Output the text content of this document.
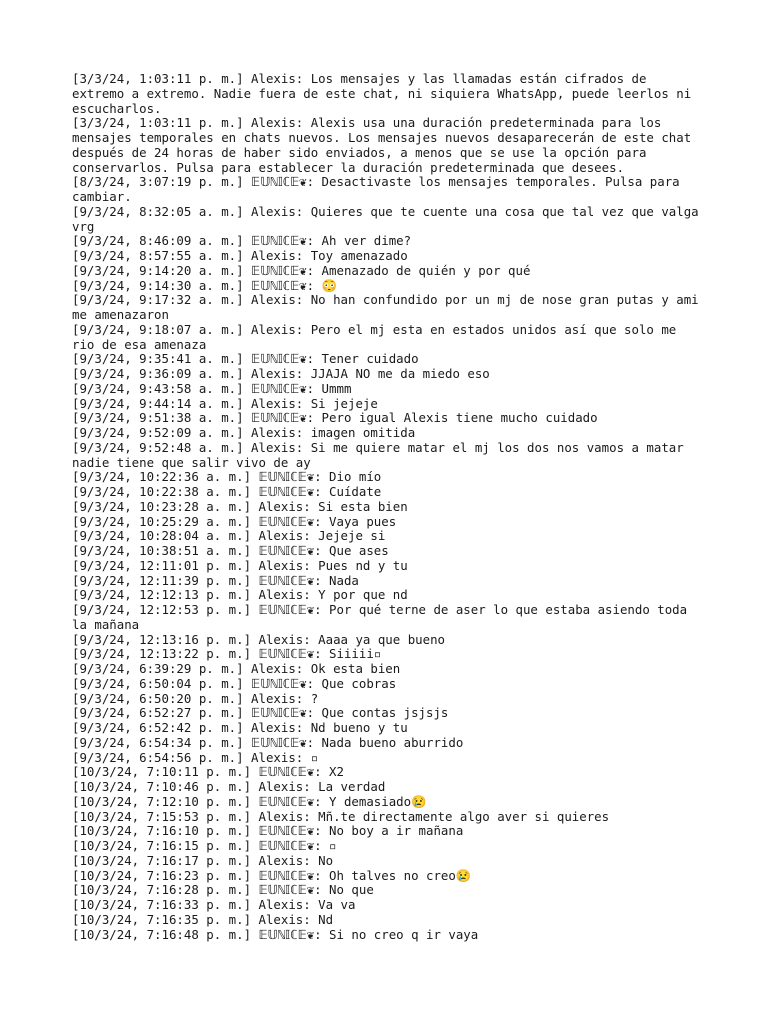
[3/3/24, 1:03:11 p. m.] Alexis: Los mensajes y las llamadas están cifrados de extremo a extremo. Nadie fuera de este chat, ni siquiera WhatsApp, puede leerlos ni escucharlos.
[3/3/24, 1:03:11 p. m.] Alexis: Alexis usa una duración predeterminada para los mensajes temporales en chats nuevos. Los mensajes nuevos desaparecerán de este chat después de 24 horas de haber sido enviados, a menos que se use la opción para conservarlos. Pulsa para establecer la duración predeterminada que desees.
[8/3/24, 3:07:19 p. m.] 𝔼𝕌ℕ𝕀ℂ𝔼❦: Desactivaste los mensajes temporales. Pulsa para cambiar.
[9/3/24, 8:32:05 a. m.] Alexis: Quieres que te cuente una cosa que tal vez que valga vrg
[9/3/24, 8:46:09 a. m.] 𝔼𝕌ℕ𝕀ℂ𝔼❦: Ah ver dime?
[9/3/24, 8:57:55 a. m.] Alexis: Toy amenazado
[9/3/24, 9:14:20 a. m.] 𝔼𝕌ℕ𝕀ℂ𝔼❦: Amenazado de quién y por qué
[9/3/24, 9:14:30 a. m.] 𝔼𝕌ℕ𝕀ℂ𝔼❦: 😳
[9/3/24, 9:17:32 a. m.] Alexis: No han confundido por un mj de nose gran putas y ami me amenazaron
[9/3/24, 9:18:07 a. m.] Alexis: Pero el mj esta en estados unidos así que solo me rio de esa amenaza
[9/3/24, 9:35:41 a. m.] 𝔼𝕌ℕ𝕀ℂ𝔼❦: Tener cuidado
[9/3/24, 9:36:09 a. m.] Alexis: JJAJA NO me da miedo eso
[9/3/24, 9:43:58 a. m.] 𝔼𝕌ℕ𝕀ℂ𝔼❦: Ummm
[9/3/24, 9:44:14 a. m.] Alexis: Si jejeje
[9/3/24, 9:51:38 a. m.] 𝔼𝕌ℕ𝕀ℂ𝔼❦: Pero igual Alexis tiene mucho cuidado
[9/3/24, 9:52:09 a. m.] Alexis: imagen omitida
[9/3/24, 9:52:48 a. m.] Alexis: Si me quiere matar el mj los dos nos vamos a matar nadie tiene que salir vivo de ay
[9/3/24, 10:22:36 a. m.] 𝔼𝕌ℕ𝕀ℂ𝔼❦: Dio mío
[9/3/24, 10:22:38 a. m.] 𝔼𝕌ℕ𝕀ℂ𝔼❦: Cuídate
[9/3/24, 10:23:28 a. m.] Alexis: Si esta bien
[9/3/24, 10:25:29 a. m.] 𝔼𝕌ℕ𝕀ℂ𝔼❦: Vaya pues
[9/3/24, 10:28:04 a. m.] Alexis: Jejeje si
[9/3/24, 10:38:51 a. m.] 𝔼𝕌ℕ𝕀ℂ𝔼❦: Que ases
[9/3/24, 12:11:01 p. m.] Alexis: Pues nd y tu
[9/3/24, 12:11:39 p. m.] 𝔼𝕌ℕ𝕀ℂ𝔼❦: Nada
[9/3/24, 12:12:13 p. m.] Alexis: Y por que nd
[9/3/24, 12:12:53 p. m.] 𝔼𝕌ℕ𝕀ℂ𝔼❦: Por qué terne de aser lo que estaba asiendo toda la mañana
[9/3/24, 12:13:16 p. m.] Alexis: Aaaa ya que bueno
[9/3/24, 12:13:22 p. m.] 𝔼𝕌ℕ𝕀ℂ𝔼❦: Siiiii▫
[9/3/24, 6:39:29 p. m.] Alexis: Ok esta bien
[9/3/24, 6:50:04 p. m.] 𝔼𝕌ℕ𝕀ℂ𝔼❦: Que cobras
[9/3/24, 6:50:20 p. m.] Alexis: ?
[9/3/24, 6:52:27 p. m.] 𝔼𝕌ℕ𝕀ℂ𝔼❦: Que contas jsjsjs
[9/3/24, 6:52:42 p. m.] Alexis: Nd bueno y tu
[9/3/24, 6:54:34 p. m.] 𝔼𝕌ℕ𝕀ℂ𝔼❦: Nada bueno aburrido
[9/3/24, 6:54:56 p. m.] Alexis: ▫
[10/3/24, 7:10:11 p. m.] 𝔼𝕌ℕ𝕀ℂ𝔼❦: X2
[10/3/24, 7:10:46 p. m.] Alexis: La verdad
[10/3/24, 7:12:10 p. m.] 𝔼𝕌ℕ𝕀ℂ𝔼❦: Y demasiado😢
[10/3/24, 7:15:53 p. m.] Alexis: Mñ.te directamente algo aver si quieres
[10/3/24, 7:16:10 p. m.] 𝔼𝕌ℕ𝕀ℂ𝔼❦: No boy a ir mañana
[10/3/24, 7:16:15 p. m.] 𝔼𝕌ℕ𝕀ℂ𝔼❦: ▫
[10/3/24, 7:16:17 p. m.] Alexis: No
[10/3/24, 7:16:23 p. m.] 𝔼𝕌ℕ𝕀ℂ𝔼❦: Oh talves no creo😢
[10/3/24, 7:16:28 p. m.] 𝔼𝕌ℕ𝕀ℂ𝔼❦: No que
[10/3/24, 7:16:33 p. m.] Alexis: Va va
[10/3/24, 7:16:35 p. m.] Alexis: Nd
[10/3/24, 7:16:48 p. m.] 𝔼𝕌ℕ𝕀ℂ𝔼❦: Si no creo q ir vaya
